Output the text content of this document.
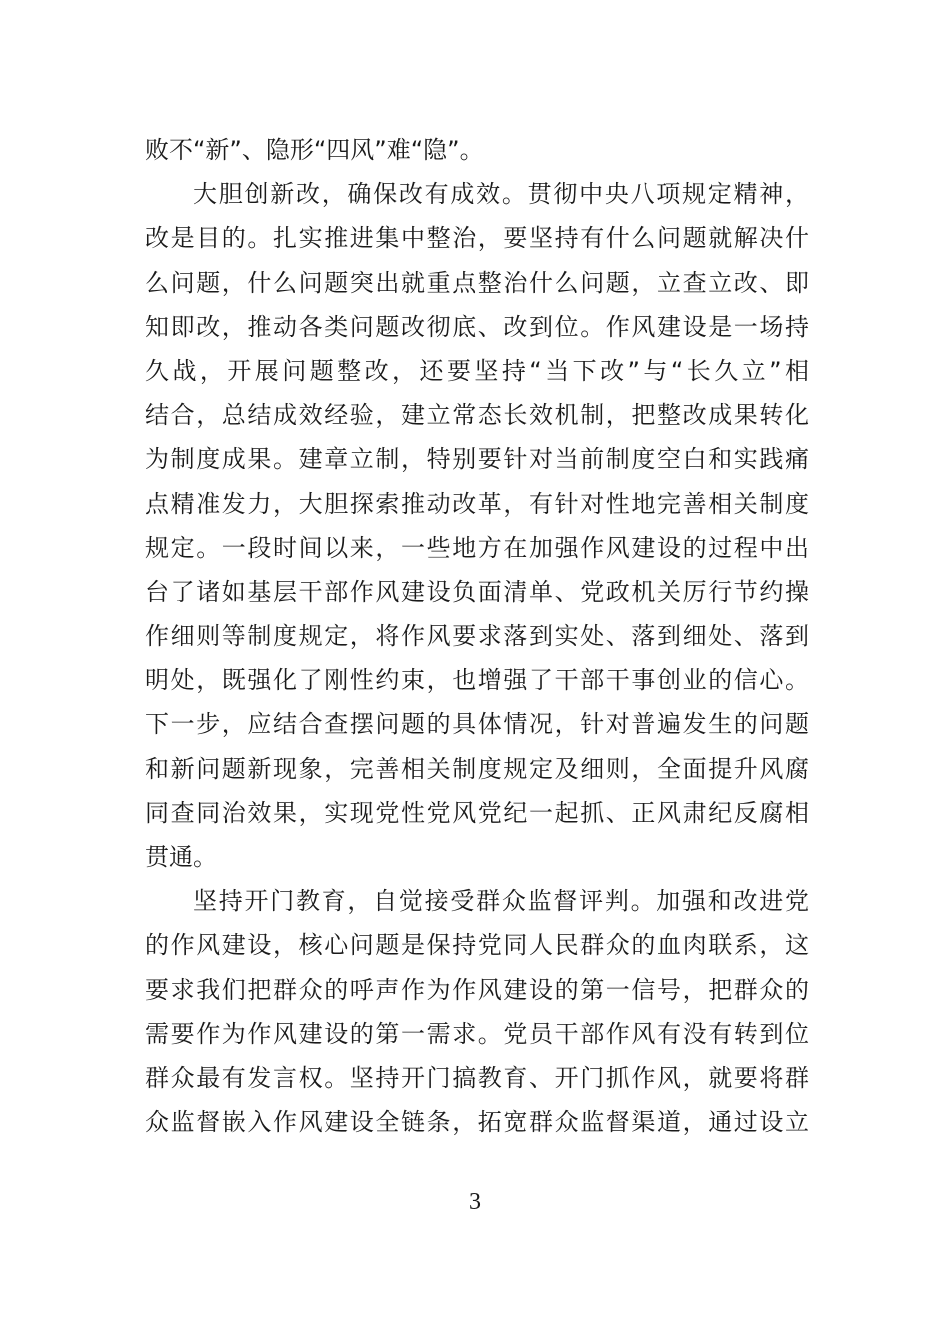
败不“新”、隐形“四风”难“隐”。
大胆创新改，确保改有成效。贯彻中央八项规定精神，
改是目的。扎实推进集中整治，要坚持有什么问题就解决什
么问题，什么问题突出就重点整治什么问题，立查立改、即
知即改，推动各类问题改彻底、改到位。作风建设是一场持
久战，开展问题整改，还要坚持“当下改”与“长久立”相
结合，总结成效经验，建立常态长效机制，把整改成果转化
为制度成果。建章立制，特别要针对当前制度空白和实践痛
点精准发力，大胆探索推动改革，有针对性地完善相关制度
规定。一段时间以来，一些地方在加强作风建设的过程中出
台了诸如基层干部作风建设负面清单、党政机关厉行节约操
作细则等制度规定，将作风要求落到实处、落到细处、落到
明处，既强化了刚性约束，也增强了干部干事创业的信心。
下一步，应结合查摆问题的具体情况，针对普遍发生的问题
和新问题新现象，完善相关制度规定及细则，全面提升风腐
同查同治效果，实现党性党风党纪一起抓、正风肃纪反腐相
贯通。
坚持开门教育，自觉接受群众监督评判。加强和改进党
的作风建设，核心问题是保持党同人民群众的血肉联系，这
要求我们把群众的呼声作为作风建设的第一信号，把群众的
需要作为作风建设的第一需求。党员干部作风有没有转到位
群众最有发言权。坚持开门搞教育、开门抓作风，就要将群
众监督嵌入作风建设全链条，拓宽群众监督渠道，通过设立
3
